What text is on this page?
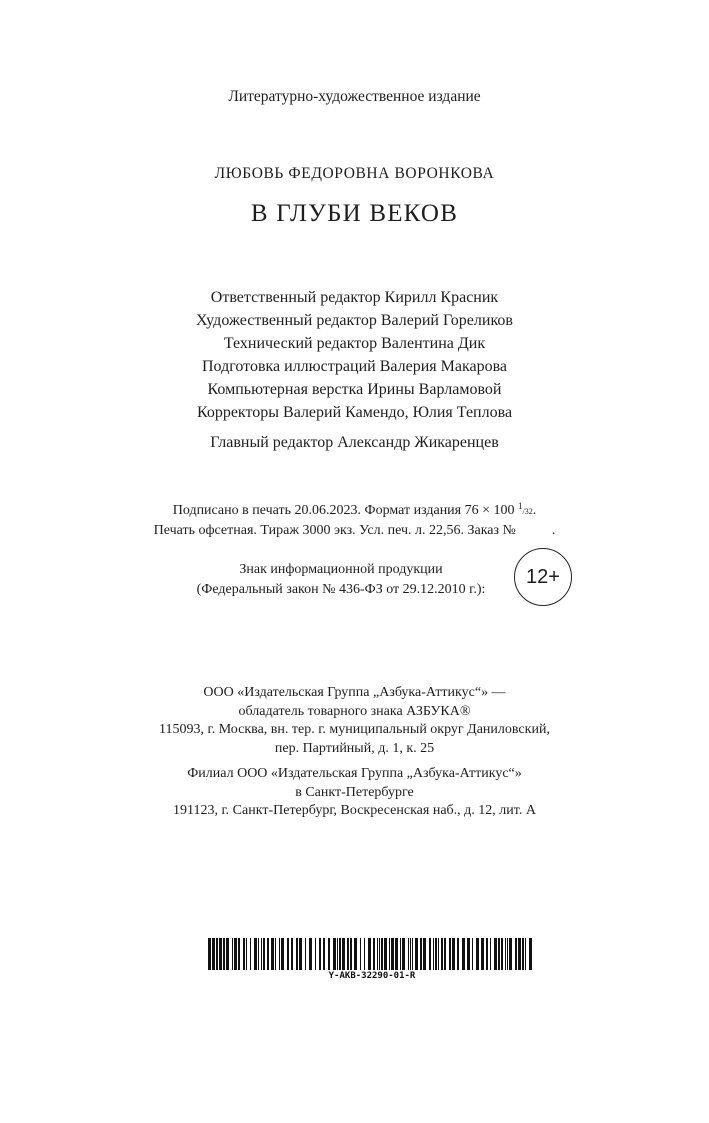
Литературно-художественное издание
ЛЮБОВЬ ФЕДОРОВНА ВОРОНКОВА
В ГЛУБИ ВЕКОВ
Ответственный редактор Кирилл Красник
Художественный редактор Валерий Гореликов
Технический редактор Валентина Дик
Подготовка иллюстраций Валерия Макарова
Компьютерная верстка Ирины Варламовой
Корректоры Валерий Камендо, Юлия Теплова
Главный редактор Александр Жикаренцев
Подписано в печать 20.06.2023. Формат издания 76 × 100 $^1$/32.
Печать офсетная. Тираж 3000 экз. Усл. печ. л. 22,56. Заказ №	.
Знак информационной продукции
(Федеральный закон № 436-ФЗ от 29.12.2010 г.):
12+
ООО «Издательская Группа „Азбука-Аттикус“» —
обладатель товарного знака АЗБУКА®
115093, г. Москва, вн. тер. г. муниципальный округ Даниловский,
пер. Партийный, д. 1, к. 25
Филиал ООО «Издательская Группа „Азбука-Аттикус“»
в Санкт-Петербурге
191123, г. Санкт-Петербург, Воскресенская наб., д. 12, лит. А
Y-AKB-32290-01-R
